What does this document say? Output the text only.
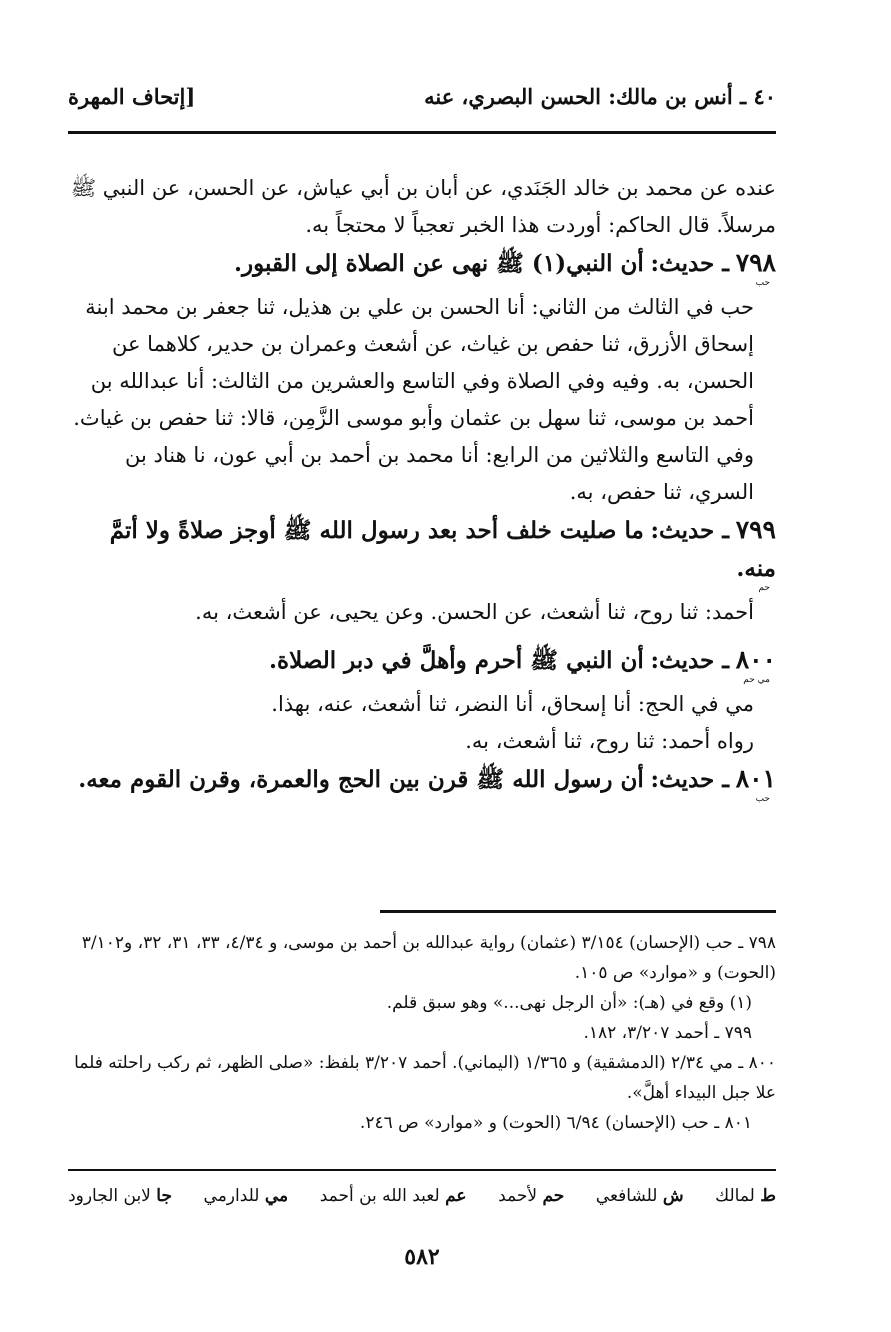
٤٠ ـ أنس بن مالك: الحسن البصري، عنه
[إتحاف المهرة

عنده عن محمد بن خالد الجَنَدي، عن أبان بن أبي عياش، عن الحسن، عن النبي ﷺ مرسلاً. قال الحاكم: أوردت هذا الخبر تعجباً لا محتجاً به.

٧٩٨ ـ حديث: أن النبي(١) ﷺ نهى عن الصلاة إلى القبور.

حب

حب في الثالث من الثاني: أنا الحسن بن علي بن هذيل، ثنا جعفر بن محمد ابنة إسحاق الأزرق، ثنا حفص بن غياث، عن أشعث وعمران بن حدير، كلاهما عن الحسن، به. وفيه وفي الصلاة وفي التاسع والعشرين من الثالث: أنا عبدالله بن أحمد بن موسى، ثنا سهل بن عثمان وأبو موسى الزَّمِن، قالا: ثنا حفص بن غياث. وفي التاسع والثلاثين من الرابع: أنا محمد بن أحمد بن أبي عون، نا هناد بن السري، ثنا حفص، به.

٧٩٩ ـ حديث: ما صليت خلف أحد بعد رسول الله ﷺ أوجز صلاةً ولا أتمَّ منه.

حم

أحمد: ثنا روح، ثنا أشعث، عن الحسن. وعن يحيى، عن أشعث، به.

٨٠٠ ـ حديث: أن النبي ﷺ أحرم وأهلَّ في دبر الصلاة.

مي حم

مي في الحج: أنا إسحاق، أنا النضر، ثنا أشعث، عنه، بهذا.

رواه أحمد: ثنا روح، ثنا أشعث، به.

٨٠١ ـ حديث: أن رسول الله ﷺ قرن بين الحج والعمرة، وقرن القوم معه.

حب

٧٩٨ ـ حب (الإحسان) ٣/١٥٤ (عثمان) رواية عبدالله بن أحمد بن موسى، و ٤/٣٤، ٣٣، ٣١، ٣٢، و٣/١٠٢ (الحوت) و «موارد» ص ١٠٥.

(١) وقع في (هـ): «أن الرجل نهى...» وهو سبق قلم.

٧٩٩ ـ أحمد ٣/٢٠٧، ١٨٢.

٨٠٠ ـ مي ٢/٣٤ (الدمشقية) و ١/٣٦٥ (اليماني). أحمد ٣/٢٠٧ بلفظ: «صلى الظهر، ثم ركب راحلته فلما علا جبل البيداء أهلَّ».

٨٠١ ـ حب (الإحسان) ٦/٩٤ (الحوت) و «موارد» ص ٢٤٦.

ط لمالك
ش للشافعي
حم لأحمد
عم لعبد الله بن أحمد
مي للدارمي
جا لابن الجارود
٥٨٢
